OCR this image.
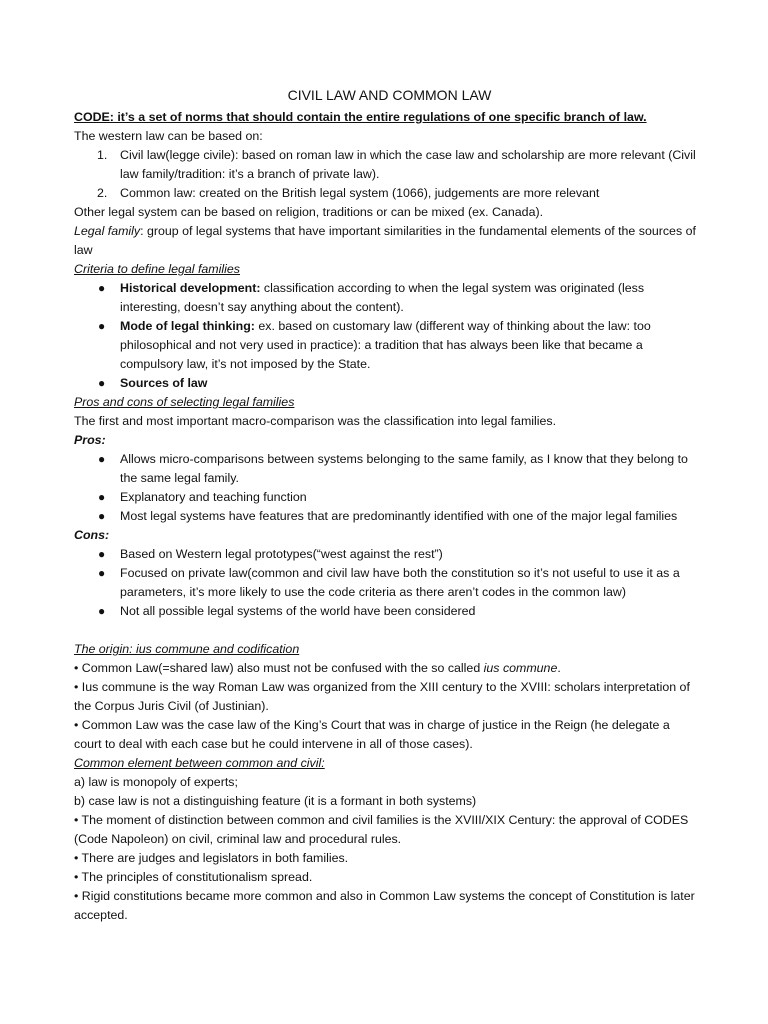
CIVIL LAW AND COMMON LAW

CODE: it’s a set of norms that should contain the entire regulations of one specific branch of law.

The western law can be based on:

1. Civil law(legge civile): based on roman law in which the case law and scholarship are more relevant (Civil law family/tradition: it’s a branch of private law).
2. Common law: created on the British legal system (1066), judgements are more relevant

Other legal system can be based on religion, traditions or can be mixed (ex. Canada).

Legal family: group of legal systems that have important similarities in the fundamental elements of the sources of law

Criteria to define legal families

● Historical development: classification according to when the legal system was originated (less interesting, doesn’t say anything about the content).
● Mode of legal thinking: ex. based on customary law (different way of thinking about the law: too philosophical and not very used in practice): a tradition that has always been like that became a compulsory law, it’s not imposed by the State.
● Sources of law

Pros and cons of selecting legal families

The first and most important macro-comparison was the classification into legal families.

Pros:

● Allows micro-comparisons between systems belonging to the same family, as I know that they belong to the same legal family.
● Explanatory and teaching function
● Most legal systems have features that are predominantly identified with one of the major legal families

Cons:

● Based on Western legal prototypes(“west against the rest”)
● Focused on private law(common and civil law have both the constitution so it’s not useful to use it as a parameters, it’s more likely to use the code criteria as there aren’t codes in the common law)
● Not all possible legal systems of the world have been considered

The origin: ius commune and codification

• Common Law(=shared law) also must not be confused with the so called ius commune.

• Ius commune is the way Roman Law was organized from the XIII century to the XVIII: scholars interpretation of the Corpus Juris Civil (of Justinian).

• Common Law was the case law of the King’s Court that was in charge of justice in the Reign (he delegate a court to deal with each case but he could intervene in all of those cases).

Common element between common and civil:

a) law is monopoly of experts;

b) case law is not a distinguishing feature (it is a formant in both systems)

• The moment of distinction between common and civil families is the XVIII/XIX Century: the approval of CODES (Code Napoleon) on civil, criminal law and procedural rules.

• There are judges and legislators in both families.

• The principles of constitutionalism spread.

• Rigid constitutions became more common and also in Common Law systems the concept of Constitution is later accepted.
